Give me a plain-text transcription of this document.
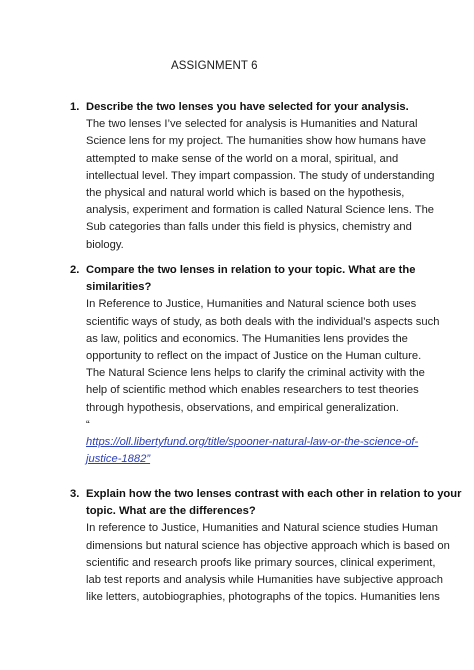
ASSIGNMENT 6
1. Describe the two lenses you have selected for your analysis.
The two lenses I’ve selected for analysis is Humanities and Natural
Science lens for my project. The humanities show how humans have
attempted to make sense of the world on a moral, spiritual, and
intellectual level. They impart compassion. The study of understanding
the physical and natural world which is based on the hypothesis,
analysis, experiment and formation is called Natural Science lens. The
Sub categories than falls under this field is physics, chemistry and
biology.
2. Compare the two lenses in relation to your topic. What are the
similarities?
In Reference to Justice, Humanities and Natural science both uses
scientific ways of study, as both deals with the individual’s aspects such
as law, politics and economics. The Humanities lens provides the
opportunity to reflect on the impact of Justice on the Human culture.
The Natural Science lens helps to clarify the criminal activity with the
help of scientific method which enables researchers to test theories
through hypothesis, observations, and empirical generalization.
“
https://oll.libertyfund.org/title/spooner-natural-law-or-the-science-of-
justice-1882”
3. Explain how the two lenses contrast with each other in relation to your
topic. What are the differences?
In reference to Justice, Humanities and Natural science studies Human
dimensions but natural science has objective approach which is based on
scientific and research proofs like primary sources, clinical experiment,
lab test reports and analysis while Humanities have subjective approach
like letters, autobiographies, photographs of the topics. Humanities lens
